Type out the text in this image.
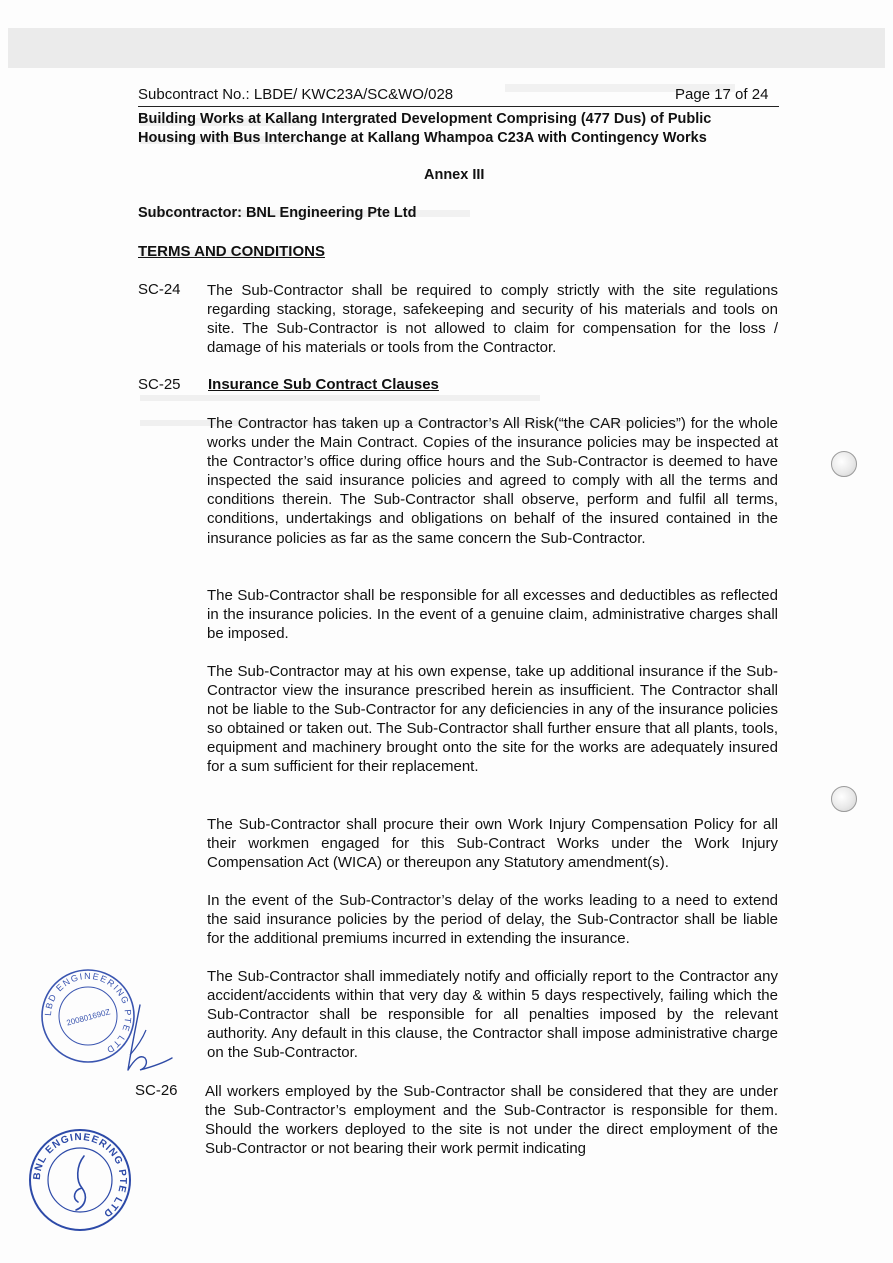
Subcontract No.: LBDE/ KWC23A/SC&WO/028	Page 17 of 24
Building Works at Kallang Intergrated Development Comprising (477 Dus) of Public Housing with Bus Interchange at Kallang Whampoa C23A with Contingency Works
Annex III
Subcontractor: BNL Engineering Pte Ltd
TERMS AND CONDITIONS
SC-24 The Sub-Contractor shall be required to comply strictly with the site regulations regarding stacking, storage, safekeeping and security of his materials and tools on site. The Sub-Contractor is not allowed to claim for compensation for the loss / damage of his materials or tools from the Contractor.

SC-25 Insurance Sub Contract Clauses

The Contractor has taken up a Contractor’s All Risk(“the CAR policies”) for the whole works under the Main Contract. Copies of the insurance policies may be inspected at the Contractor’s office during office hours and the Sub-Contractor is deemed to have inspected the said insurance policies and agreed to comply with all the terms and conditions therein. The Sub-Contractor shall observe, perform and fulfil all terms, conditions, undertakings and obligations on behalf of the insured contained in the insurance policies as far as the same concern the Sub-Contractor.

The Sub-Contractor shall be responsible for all excesses and deductibles as reflected in the insurance policies. In the event of a genuine claim, administrative charges shall be imposed.

The Sub-Contractor may at his own expense, take up additional insurance if the Sub-Contractor view the insurance prescribed herein as insufficient. The Contractor shall not be liable to the Sub-Contractor for any deficiencies in any of the insurance policies so obtained or taken out. The Sub-Contractor shall further ensure that all plants, tools, equipment and machinery brought onto the site for the works are adequately insured for a sum sufficient for their replacement.

The Sub-Contractor shall procure their own Work Injury Compensation Policy for all their workmen engaged for this Sub-Contract Works under the Work Injury Compensation Act (WICA) or thereupon any Statutory amendment(s).

In the event of the Sub-Contractor’s delay of the works leading to a need to extend the said insurance policies by the period of delay, the Sub-Contractor shall be liable for the additional premiums incurred in extending the insurance.

The Sub-Contractor shall immediately notify and officially report to the Contractor any accident/accidents within that very day & within 5 days respectively, failing which the Sub-Contractor shall be responsible for all penalties imposed by the relevant authority. Any default in this clause, the Contractor shall impose administrative charge on the Sub-Contractor.

SC-26 All workers employed by the Sub-Contractor shall be considered that they are under the Sub-Contractor’s employment and the Sub-Contractor is responsible for them. Should the workers deployed to the site is not under the direct employment of the Sub-Contractor or not bearing their work permit indicating

LBD ENGINEERING PTE LTD
200801690Z
BNL ENGINEERING PTE LTD
